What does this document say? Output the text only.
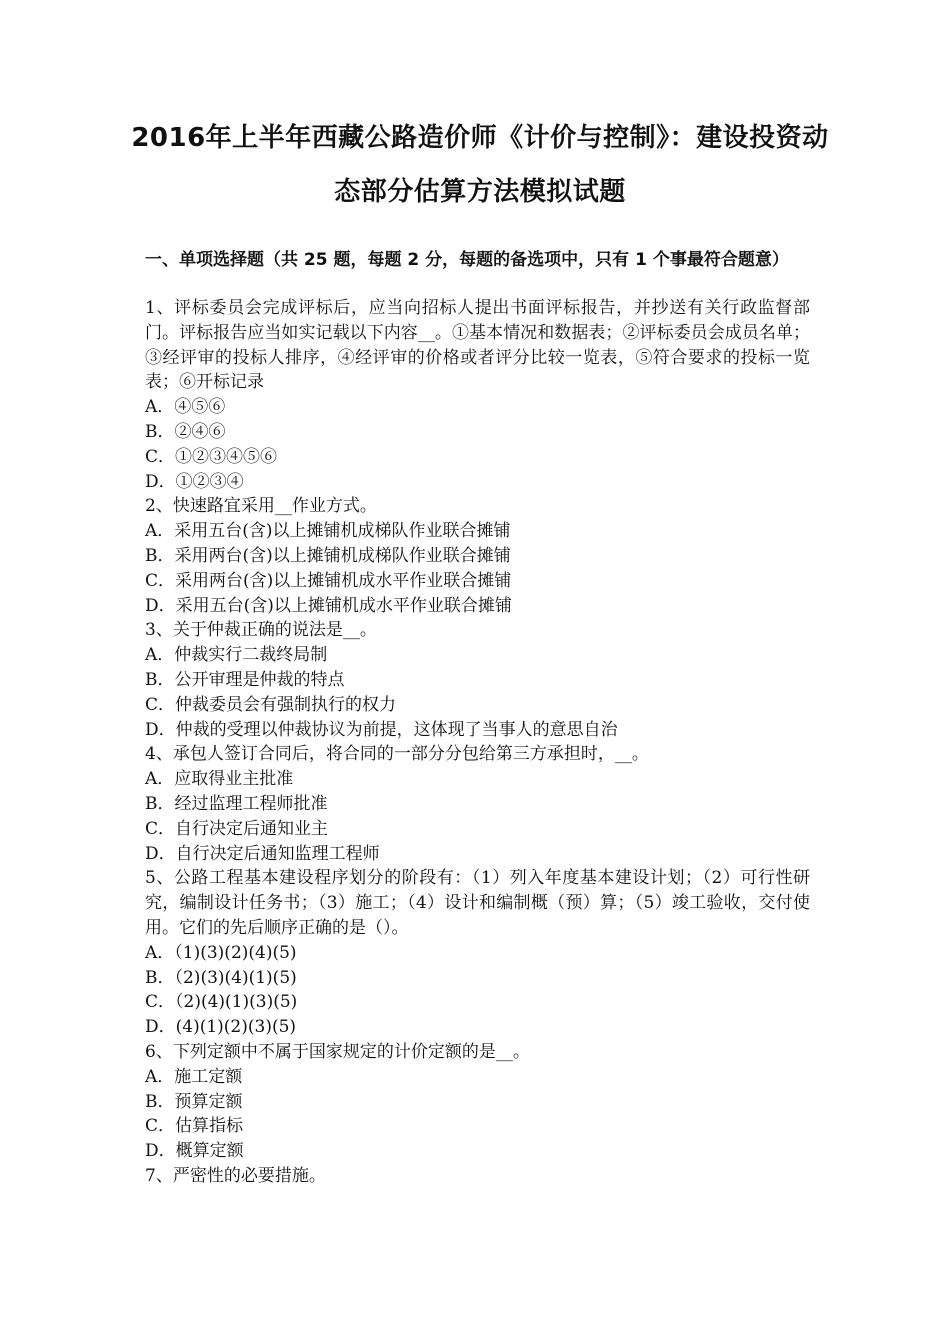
2016年上半年西藏公路造价师《计价与控制》：建设投资动
态部分估算方法模拟试题
一、单项选择题（共 25 题，每题 2 分，每题的备选项中，只有 1 个事最符合题意）
1、评标委员会完成评标后，应当向招标人提出书面评标报告，并抄送有关行政监督部门。评标报告应当如实记载以下内容__。①基本情况和数据表；②评标委员会成员名单；③经评审的投标人排序，④经评审的价格或者评分比较一览表，⑤符合要求的投标一览表；⑥开标记录
A．④⑤⑥
B．②④⑥
C．①②③④⑤⑥
D．①②③④
2、快速路宜采用__作业方式。
A．采用五台(含)以上摊铺机成梯队作业联合摊铺
B．采用两台(含)以上摊铺机成梯队作业联合摊铺
C．采用两台(含)以上摊铺机成水平作业联合摊铺
D．采用五台(含)以上摊铺机成水平作业联合摊铺
3、关于仲裁正确的说法是__。
A．仲裁实行二裁终局制
B．公开审理是仲裁的特点
C．仲裁委员会有强制执行的权力
D．仲裁的受理以仲裁协议为前提，这体现了当事人的意思自治
4、承包人签订合同后，将合同的一部分分包给第三方承担时，__。
A．应取得业主批准
B．经过监理工程师批准
C．自行决定后通知业主
D．自行决定后通知监理工程师
5、公路工程基本建设程序划分的阶段有：（1）列入年度基本建设计划；（2）可行性研究，编制设计任务书；（3）施工；（4）设计和编制概（预）算；（5）竣工验收，交付使用。它们的先后顺序正确的是（）。
A．（1)(3)(2)(4)(5)
B．（2)(3)(4)(1)(5)
C．（2)(4)(1)(3)(5)
D．(4)(1)(2)(3)(5)
6、下列定额中不属于国家规定的计价定额的是__。
A．施工定额
B．预算定额
C．估算指标
D．概算定额
7、严密性的必要措施。
